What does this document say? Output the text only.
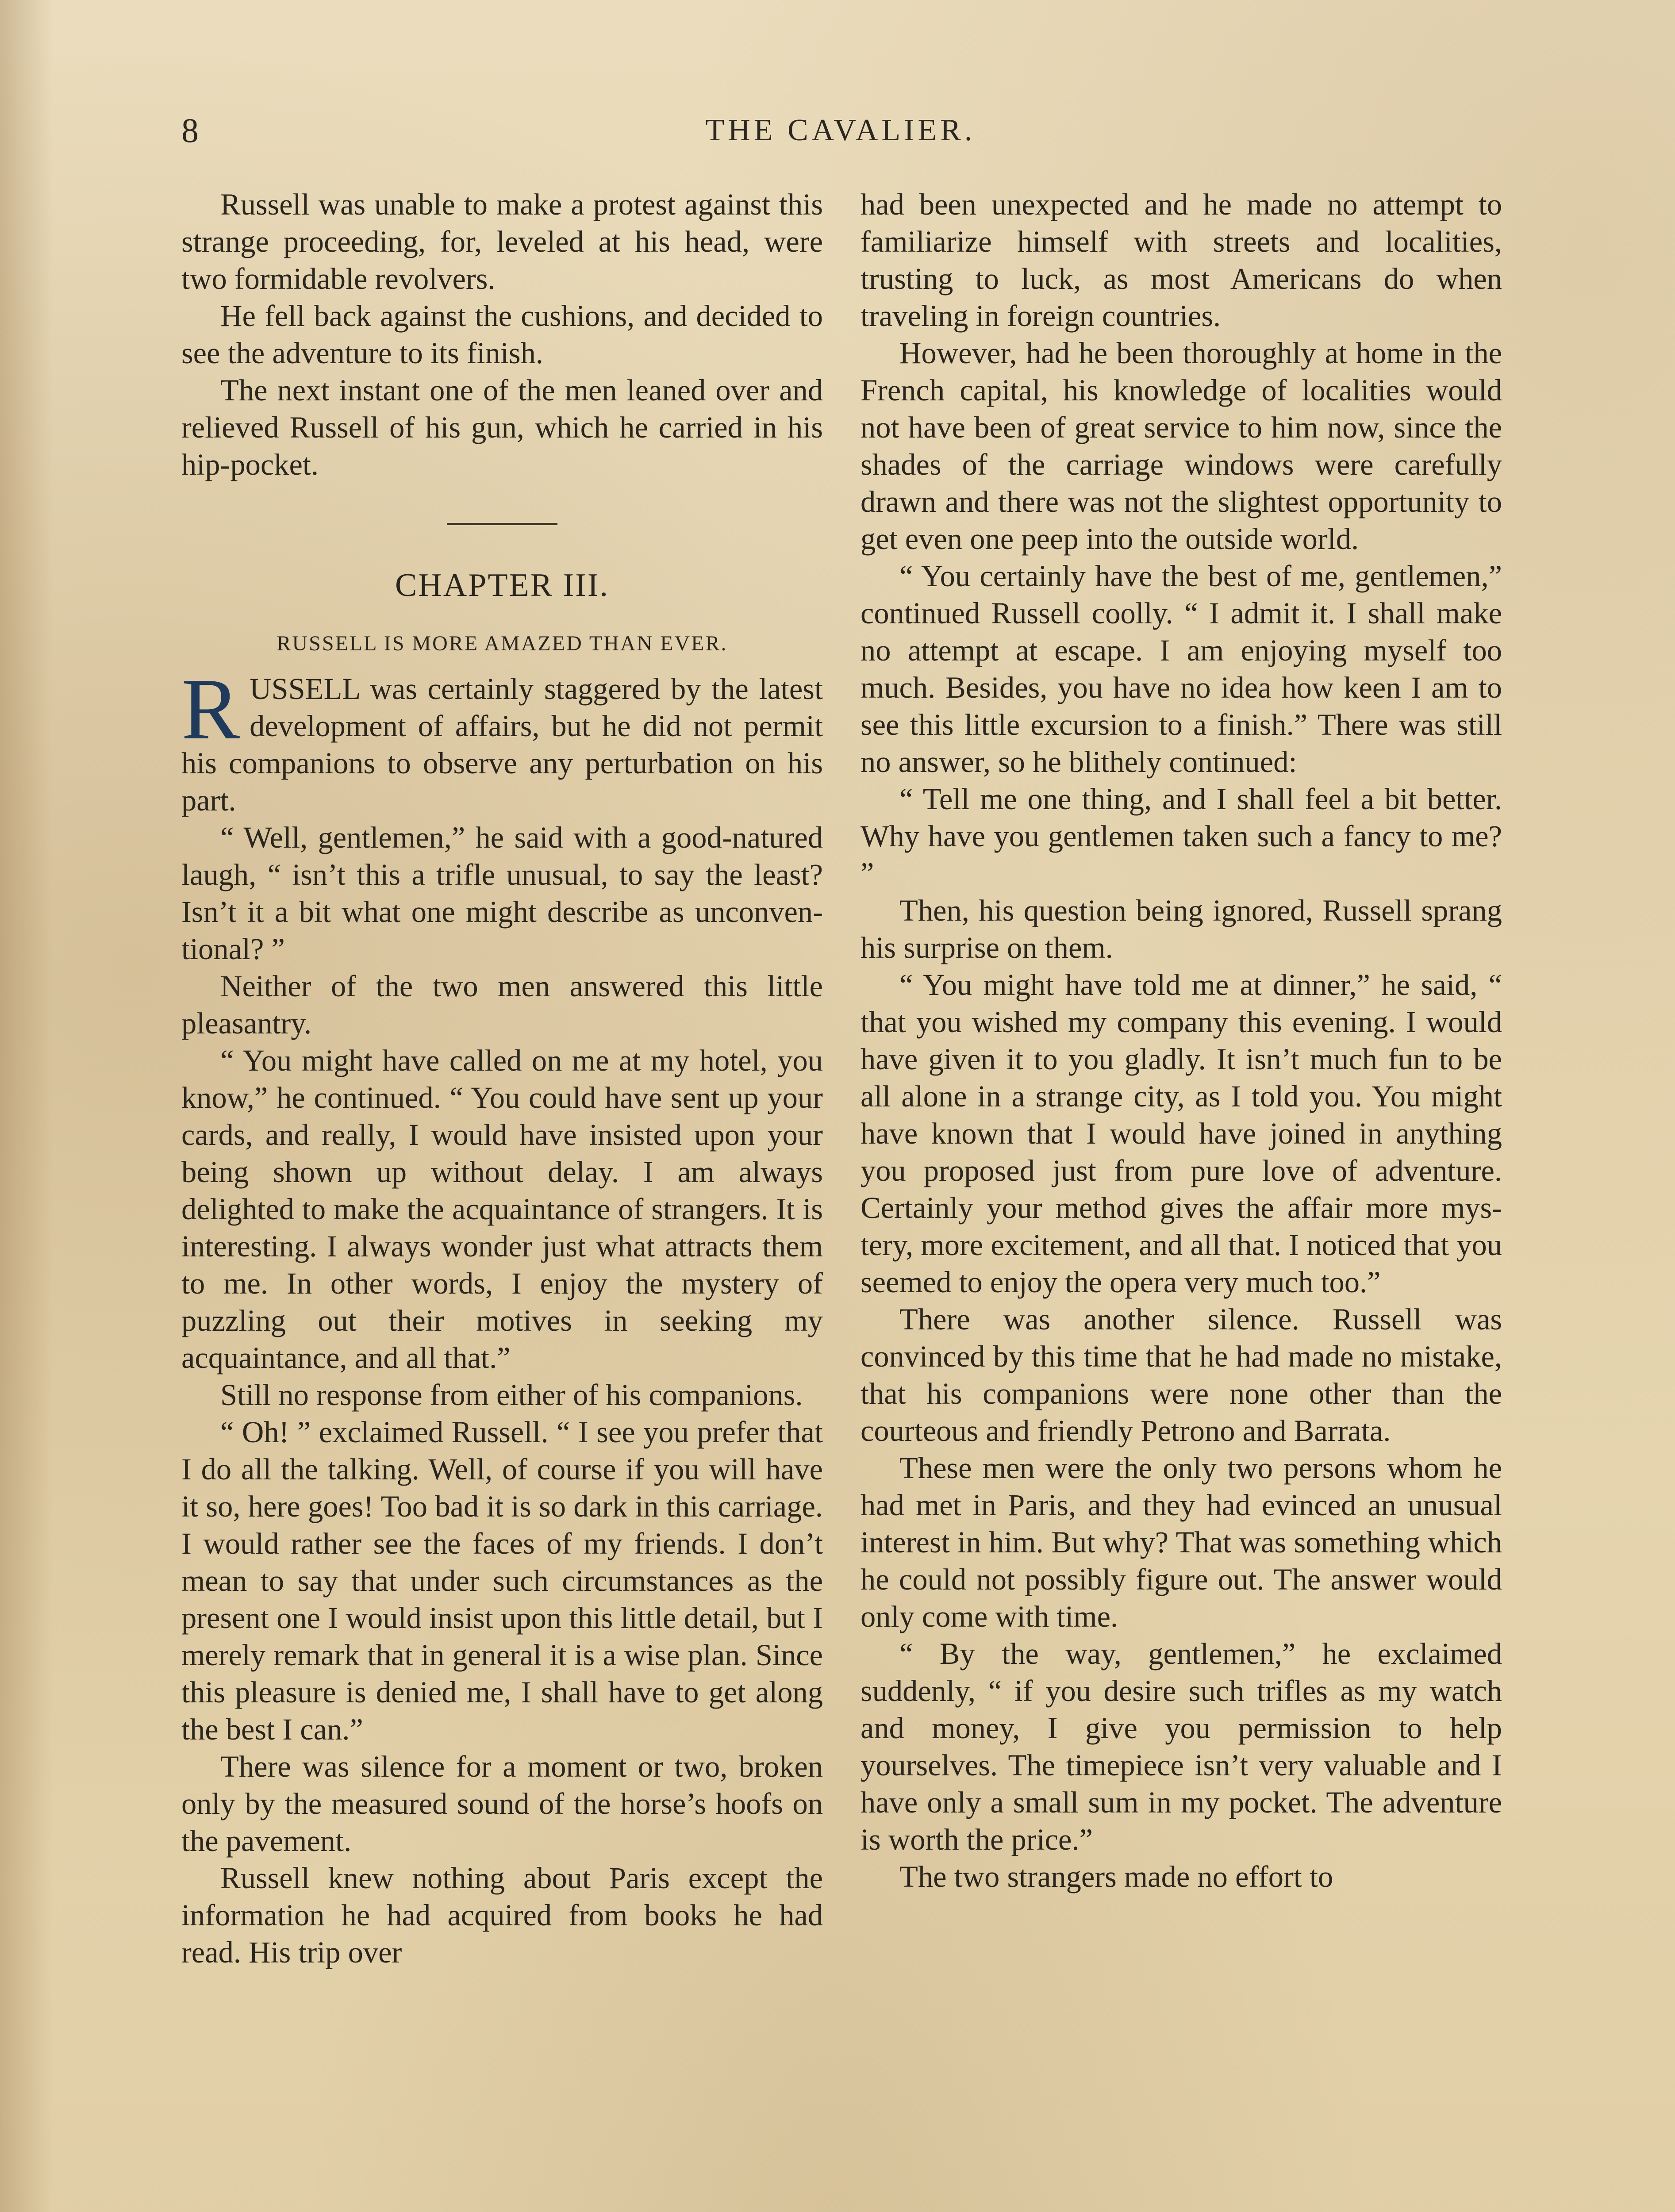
8	THE CAVALIER.

Russell was unable to make a protest against this strange proceeding, for, leveled at his head, were two formidable revolvers.

He fell back against the cushions, and decided to see the adventure to its finish.

The next instant one of the men leaned over and relieved Russell of his gun, which he carried in his hip-pocket.

CHAPTER III.
RUSSELL IS MORE AMAZED THAN EVER.

RUSSELL was certainly staggered by the latest development of affairs, but he did not permit his companions to observe any perturbation on his part.

“ Well, gentlemen,” he said with a good-natured laugh, “ isn’t this a trifle unusual, to say the least? Isn’t it a bit what one might describe as unconventional? ”

Neither of the two men answered this little pleasantry.

“ You might have called on me at my hotel, you know,” he continued. “ You could have sent up your cards, and really, I would have insisted upon your being shown up without delay. I am always delighted to make the acquaintance of strangers. It is interesting. I always wonder just what attracts them to me. In other words, I enjoy the mystery of puzzling out their motives in seeking my acquaintance, and all that.”

Still no response from either of his companions.

“ Oh! ” exclaimed Russell. “ I see you prefer that I do all the talking. Well, of course if you will have it so, here goes! Too bad it is so dark in this carriage. I would rather see the faces of my friends. I don’t mean to say that under such circumstances as the present one I would insist upon this little detail, but I merely remark that in general it is a wise plan. Since this pleasure is denied me, I shall have to get along the best I can.”

There was silence for a moment or two, broken only by the measured sound of the horse’s hoofs on the pavement.

Russell knew nothing about Paris except the information he had acquired from books he had read. His trip over

had been unexpected and he made no attempt to familiarize himself with streets and localities, trusting to luck, as most Americans do when traveling in foreign countries.

However, had he been thoroughly at home in the French capital, his knowledge of localities would not have been of great service to him now, since the shades of the carriage windows were carefully drawn and there was not the slightest opportunity to get even one peep into the outside world.

“ You certainly have the best of me, gentlemen,” continued Russell coolly. “ I admit it. I shall make no attempt at escape. I am enjoying myself too much. Besides, you have no idea how keen I am to see this little excursion to a finish.” There was still no answer, so he blithely continued:

“ Tell me one thing, and I shall feel a bit better. Why have you gentlemen taken such a fancy to me? ”

Then, his question being ignored, Russell sprang his surprise on them.

“ You might have told me at dinner,” he said, “ that you wished my company this evening. I would have given it to you gladly. It isn’t much fun to be all alone in a strange city, as I told you. You might have known that I would have joined in anything you proposed just from pure love of adventure. Certainly your method gives the affair more mystery, more excitement, and all that. I noticed that you seemed to enjoy the opera very much too.”

There was another silence. Russell was convinced by this time that he had made no mistake, that his companions were none other than the courteous and friendly Petrono and Barrata.

These men were the only two persons whom he had met in Paris, and they had evinced an unusual interest in him. But why? That was something which he could not possibly figure out. The answer would only come with time.

“ By the way, gentlemen,” he exclaimed suddenly, “ if you desire such trifles as my watch and money, I give you permission to help yourselves. The timepiece isn’t very valuable and I have only a small sum in my pocket. The adventure is worth the price.”

The two strangers made no effort to
